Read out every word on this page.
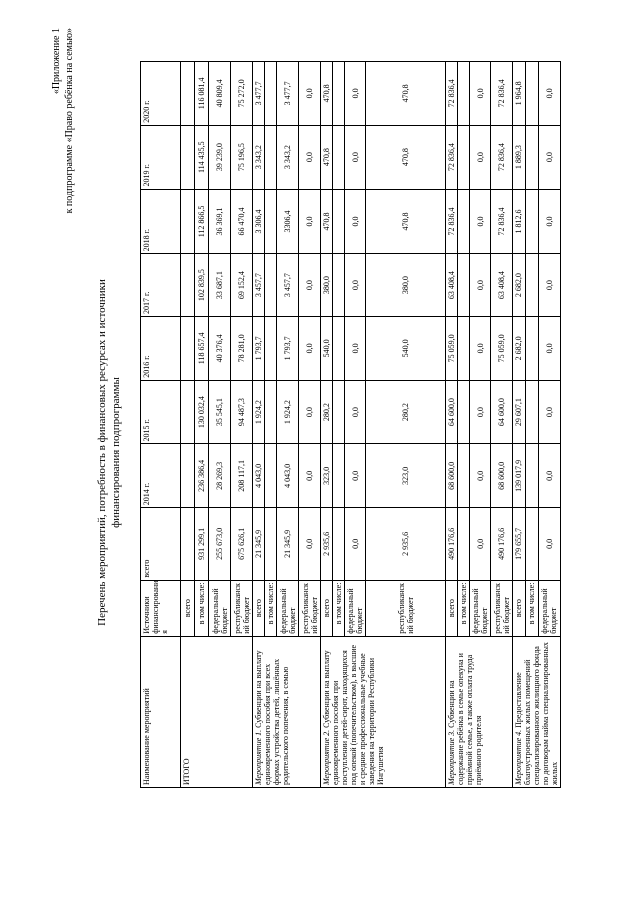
«Приложение 1 к подпрограмме «Право ребёнка на семью»
Перечень мероприятий, потребность в финансовых ресурсах и источники финансирования подпрограммы
Наименование мероприятий	Источники финансировани я	всего	2014 г.	2015 г.	2016 г.	2017 г.	2018 г.	2019 г.	2020 г.
ИТОГО	всего								
	в том числе:	931 299,1	236 386,4	130 032,4	118 657,4	102 839,5	112 866,5	114 435,5	116 081,4
	федеральный бюджет	255 673,0	28 269,3	35 545,1	40 376,4	33 687,1	36 369,1	39 239,0	40 809,4
	республиканск ий бюджет	675 626,1	208 117,1	94 487,3	78 281,0	69 152,4	66 470,4	75 196,5	75 272,0
Мероприятие 1. Субвенции на выплату единовременного пособия при всех формах устройства детей, лишённых родительского попечения, в семью	всего	21 345,9	4 043,0	1 924,2	1 793,7	3 457,7	3 306,4	3 343,2	3 477,7
	в том числе:								
	федеральный бюджет	21 345,9	4 043,0	1 924,2	1 793,7	3 457,7	3306,4	3 343,2	3 477,7
	республиканск ий бюджет	0,0	0,0	0,0	0,0	0,0	0,0	0,0	0,0
Мероприятие 2. Субвенции на выплату единовременного пособия при поступлении детей-сирот, находящихся под опекой (попечительством), в высшие и средние профессиональные учебные заведения на территории Республики Ингушетия	всего	2 935,6	323,0	280,2	540,0	380,0	470,8	470,8	470,8
	в том числе:								
	федеральный бюджет	0,0	0,0	0,0	0,0	0,0	0,0	0,0	0,0
	республиканск ий бюджет	2 935,6	323,0	280,2	540,0	380,0	470,8	470,8	470,8
Мероприятие 3. Субвенции на содержание ребёнка в семье опекуна и приёмной семье, а также оплата труда приёмного родителя	всего	490 176,6	68 600,0	64 600,0	75 059,0	63 408,4	72 836,4	72 836,4	72 836,4
	в том числе:								
	федеральный бюджет	0,0	0,0	0,0	0,0	0,0	0,0	0,0	0,0
	республиканск ий бюджет	490 176,6	68 600,0	64 600,0	75 059,0	63 408,4	72 836,4	72 836,4	72 836,4
Мероприятие 4. Предоставление благоустроенных жилых помещений специализированного жилищного фонда по договорам найма специализированных жилых	всего	179 655,7	139 017,9	29 607,1	2 682,0	2 682,0	1 812,6	1 889,3	1 964,8
	в том числе:								
	федеральный бюджет	0,0	0,0	0,0	0,0	0,0	0,0	0,0	0,0
